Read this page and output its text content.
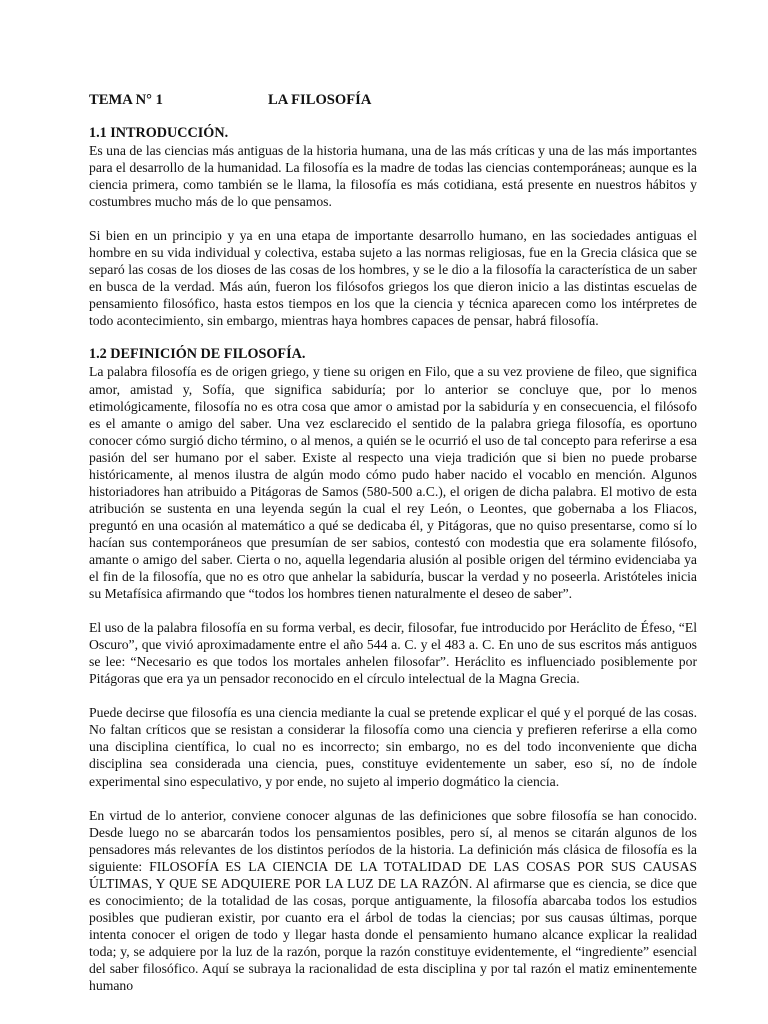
TEMA N° 1	LA FILOSOFÍA
1.1 INTRODUCCIÓN.

Es una de las ciencias más antiguas de la historia humana, una de las más críticas y una de las más importantes para el desarrollo de la humanidad. La filosofía es la madre de todas las ciencias contemporáneas; aunque es la ciencia primera, como también se le llama, la filosofía es más cotidiana, está presente en nuestros hábitos y costumbres mucho más de lo que pensamos.

Si bien en un principio y ya en una etapa de importante desarrollo humano, en las sociedades antiguas el hombre en su vida individual y colectiva, estaba sujeto a las normas religiosas, fue en la Grecia clásica que se separó las cosas de los dioses de las cosas de los hombres, y se le dio a la filosofía la característica de un saber en busca de la verdad. Más aún, fueron los filósofos griegos los que dieron inicio a las distintas escuelas de pensamiento filosófico, hasta estos tiempos en los que la ciencia y técnica aparecen como los intérpretes de todo acontecimiento, sin embargo, mientras haya hombres capaces de pensar, habrá filosofía.

1.2 DEFINICIÓN DE FILOSOFÍA.

La palabra filosofía es de origen griego, y tiene su origen en Filo, que a su vez proviene de fileo, que significa amor, amistad y, Sofía, que significa sabiduría; por lo anterior se concluye que, por lo menos etimológicamente, filosofía no es otra cosa que amor o amistad por la sabiduría y en consecuencia, el filósofo es el amante o amigo del saber. Una vez esclarecido el sentido de la palabra griega filosofía, es oportuno conocer cómo surgió dicho término, o al menos, a quién se le ocurrió el uso de tal concepto para referirse a esa pasión del ser humano por el saber. Existe al respecto una vieja tradición que si bien no puede probarse históricamente, al menos ilustra de algún modo cómo pudo haber nacido el vocablo en mención. Algunos historiadores han atribuido a Pitágoras de Samos (580-500 a.C.), el origen de dicha palabra. El motivo de esta atribución se sustenta en una leyenda según la cual el rey León, o Leontes, que gobernaba a los Fliacos, preguntó en una ocasión al matemático a qué se dedicaba él, y Pitágoras, que no quiso presentarse, como sí lo hacían sus contemporáneos que presumían de ser sabios, contestó con modestia que era solamente filósofo, amante o amigo del saber. Cierta o no, aquella legendaria alusión al posible origen del término evidenciaba ya el fin de la filosofía, que no es otro que anhelar la sabiduría, buscar la verdad y no poseerla. Aristóteles inicia su Metafísica afirmando que “todos los hombres tienen naturalmente el deseo de saber”.

El uso de la palabra filosofía en su forma verbal, es decir, filosofar, fue introducido por Heráclito de Éfeso, “El Oscuro”, que vivió aproximadamente entre el año 544 a. C. y el 483 a. C. En uno de sus escritos más antiguos se lee: “Necesario es que todos los mortales anhelen filosofar”. Heráclito es influenciado posiblemente por Pitágoras que era ya un pensador reconocido en el círculo intelectual de la Magna Grecia.

Puede decirse que filosofía es una ciencia mediante la cual se pretende explicar el qué y el porqué de las cosas. No faltan críticos que se resistan a considerar la filosofía como una ciencia y prefieren referirse a ella como una disciplina científica, lo cual no es incorrecto; sin embargo, no es del todo inconveniente que dicha disciplina sea considerada una ciencia, pues, constituye evidentemente un saber, eso sí, no de índole experimental sino especulativo, y por ende, no sujeto al imperio dogmático la ciencia.

En virtud de lo anterior, conviene conocer algunas de las definiciones que sobre filosofía se han conocido. Desde luego no se abarcarán todos los pensamientos posibles, pero sí, al menos se citarán algunos de los pensadores más relevantes de los distintos períodos de la historia. La definición más clásica de filosofía es la siguiente: FILOSOFÍA ES LA CIENCIA DE LA TOTALIDAD DE LAS COSAS POR SUS CAUSAS ÚLTIMAS, Y QUE SE ADQUIERE POR LA LUZ DE LA RAZÓN. Al afirmarse que es ciencia, se dice que es conocimiento; de la totalidad de las cosas, porque antiguamente, la filosofía abarcaba todos los estudios posibles que pudieran existir, por cuanto era el árbol de todas la ciencias; por sus causas últimas, porque intenta conocer el origen de todo y llegar hasta donde el pensamiento humano alcance explicar la realidad toda; y, se adquiere por la luz de la razón, porque la razón constituye evidentemente, el “ingrediente” esencial del saber filosófico. Aquí se subraya la racionalidad de esta disciplina y por tal razón el matiz eminentemente humano
